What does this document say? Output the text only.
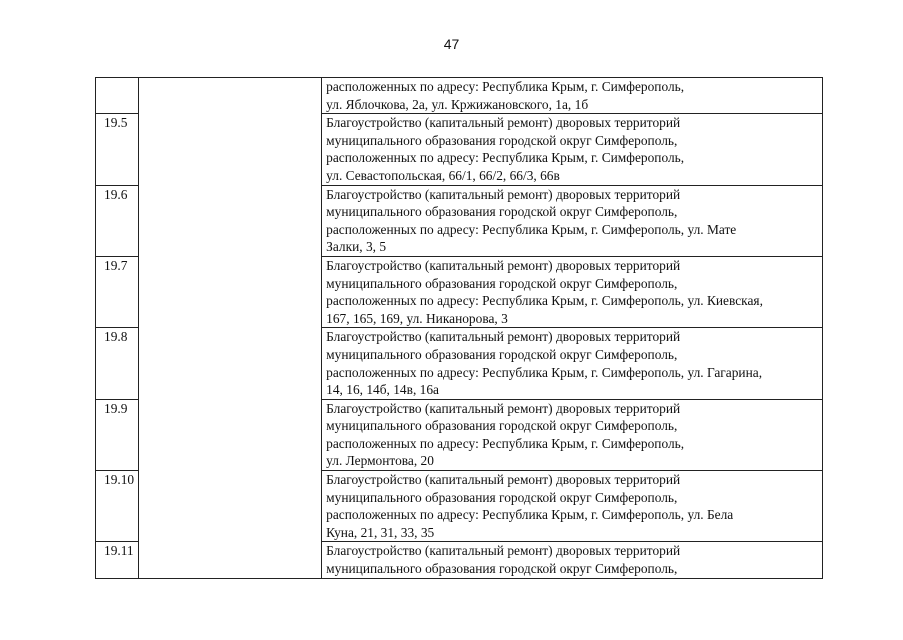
47

		расположенных по адресу: Республика Крым, г. Симферополь,
ул. Яблочкова, 2а, ул. Кржижановского, 1а, 1б

19.5		Благоустройство (капитальный ремонт) дворовых территорий
муниципального образования городской округ Симферополь,
расположенных по адресу: Республика Крым, г. Симферополь,
ул. Севастопольская, 66/1, 66/2, 66/3, 66в

19.6		Благоустройство (капитальный ремонт) дворовых территорий
муниципального образования городской округ Симферополь,
расположенных по адресу: Республика Крым, г. Симферополь, ул. Мате
Залки, 3, 5

19.7		Благоустройство (капитальный ремонт) дворовых территорий
муниципального образования городской округ Симферополь,
расположенных по адресу: Республика Крым, г. Симферополь, ул. Киевская,
167, 165, 169, ул. Никанорова, 3

19.8		Благоустройство (капитальный ремонт) дворовых территорий
муниципального образования городской округ Симферополь,
расположенных по адресу: Республика Крым, г. Симферополь, ул. Гагарина,
14, 16, 14б, 14в, 16а

19.9		Благоустройство (капитальный ремонт) дворовых территорий
муниципального образования городской округ Симферополь,
расположенных по адресу: Республика Крым, г. Симферополь,
ул. Лермонтова, 20

19.10		Благоустройство (капитальный ремонт) дворовых территорий
муниципального образования городской округ Симферополь,
расположенных по адресу: Республика Крым, г. Симферополь, ул. Бела
Куна, 21, 31, 33, 35

19.11		Благоустройство (капитальный ремонт) дворовых территорий
муниципального образования городской округ Симферополь,
